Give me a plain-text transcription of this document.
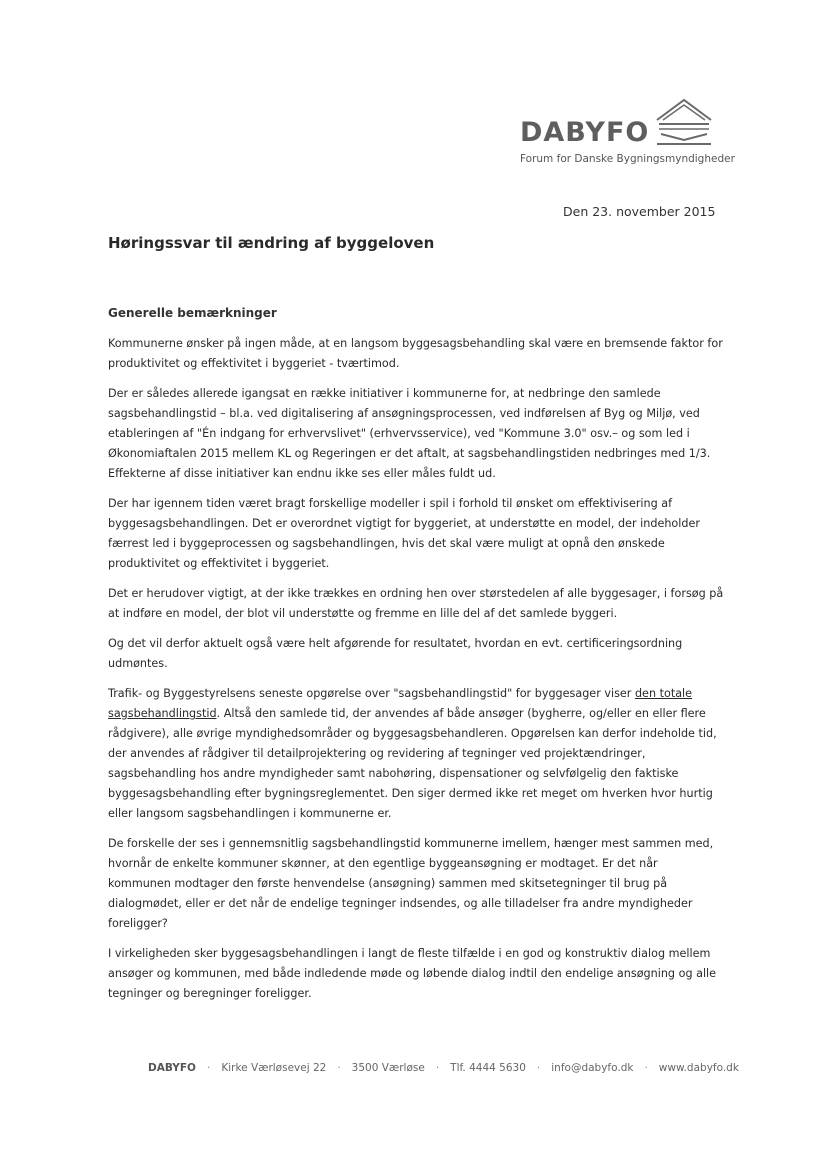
DABYFO
Forum for Danske Bygningsmyndigheder
Den 23. november 2015
Høringssvar til ændring af byggeloven

Generelle bemærkninger

Kommunerne ønsker på ingen måde, at en langsom byggesagsbehandling skal være en bremsende faktor for produktivitet og effektivitet i byggeriet - tværtimod.

Der er således allerede igangsat en række initiativer i kommunerne for, at nedbringe den samlede sagsbehandlingstid – bl.a. ved digitalisering af ansøgningsprocessen, ved indførelsen af Byg og Miljø, ved etableringen af "Én indgang for erhvervslivet" (erhvervsservice), ved "Kommune 3.0" osv.– og som led i Økonomiaftalen 2015 mellem KL og Regeringen er det aftalt, at sagsbehandlingstiden nedbringes med 1/3. Effekterne af disse initiativer kan endnu ikke ses eller måles fuldt ud.

Der har igennem tiden været bragt forskellige modeller i spil i forhold til ønsket om effektivisering af byggesagsbehandlingen. Det er overordnet vigtigt for byggeriet, at understøtte en model, der indeholder færrest led i byggeprocessen og sagsbehandlingen, hvis det skal være muligt at opnå den ønskede produktivitet og effektivitet i byggeriet.

Det er herudover vigtigt, at der ikke trækkes en ordning hen over størstedelen af alle byggesager, i forsøg på at indføre en model, der blot vil understøtte og fremme en lille del af det samlede byggeri.

Og det vil derfor aktuelt også være helt afgørende for resultatet, hvordan en evt. certificeringsordning udmøntes.

Trafik- og Byggestyrelsens seneste opgørelse over "sagsbehandlingstid" for byggesager viser den totale sagsbehandlingstid. Altså den samlede tid, der anvendes af både ansøger (bygherre, og/eller en eller flere rådgivere), alle øvrige myndighedsområder og byggesagsbehandleren. Opgørelsen kan derfor indeholde tid, der anvendes af rådgiver til detailprojektering og revidering af tegninger ved projektændringer, sagsbehandling hos andre myndigheder samt nabohøring, dispensationer og selvfølgelig den faktiske byggesagsbehandling efter bygningsreglementet. Den siger dermed ikke ret meget om hverken hvor hurtig eller langsom sagsbehandlingen i kommunerne er.

De forskelle der ses i gennemsnitlig sagsbehandlingstid kommunerne imellem, hænger mest sammen med, hvornår de enkelte kommuner skønner, at den egentlige byggeansøgning er modtaget. Er det når kommunen modtager den første henvendelse (ansøgning) sammen med skitsetegninger til brug på dialogmødet, eller er det når de endelige tegninger indsendes, og alle tilladelser fra andre myndigheder foreligger?

I virkeligheden sker byggesagsbehandlingen i langt de fleste tilfælde i en god og konstruktiv dialog mellem ansøger og kommunen, med både indledende møde og løbende dialog indtil den endelige ansøgning og alle tegninger og beregninger foreligger.

DABYFO · Kirke Værløsevej 22 · 3500 Værløse · Tlf. 4444 5630 · info@dabyfo.dk · www.dabyfo.dk
